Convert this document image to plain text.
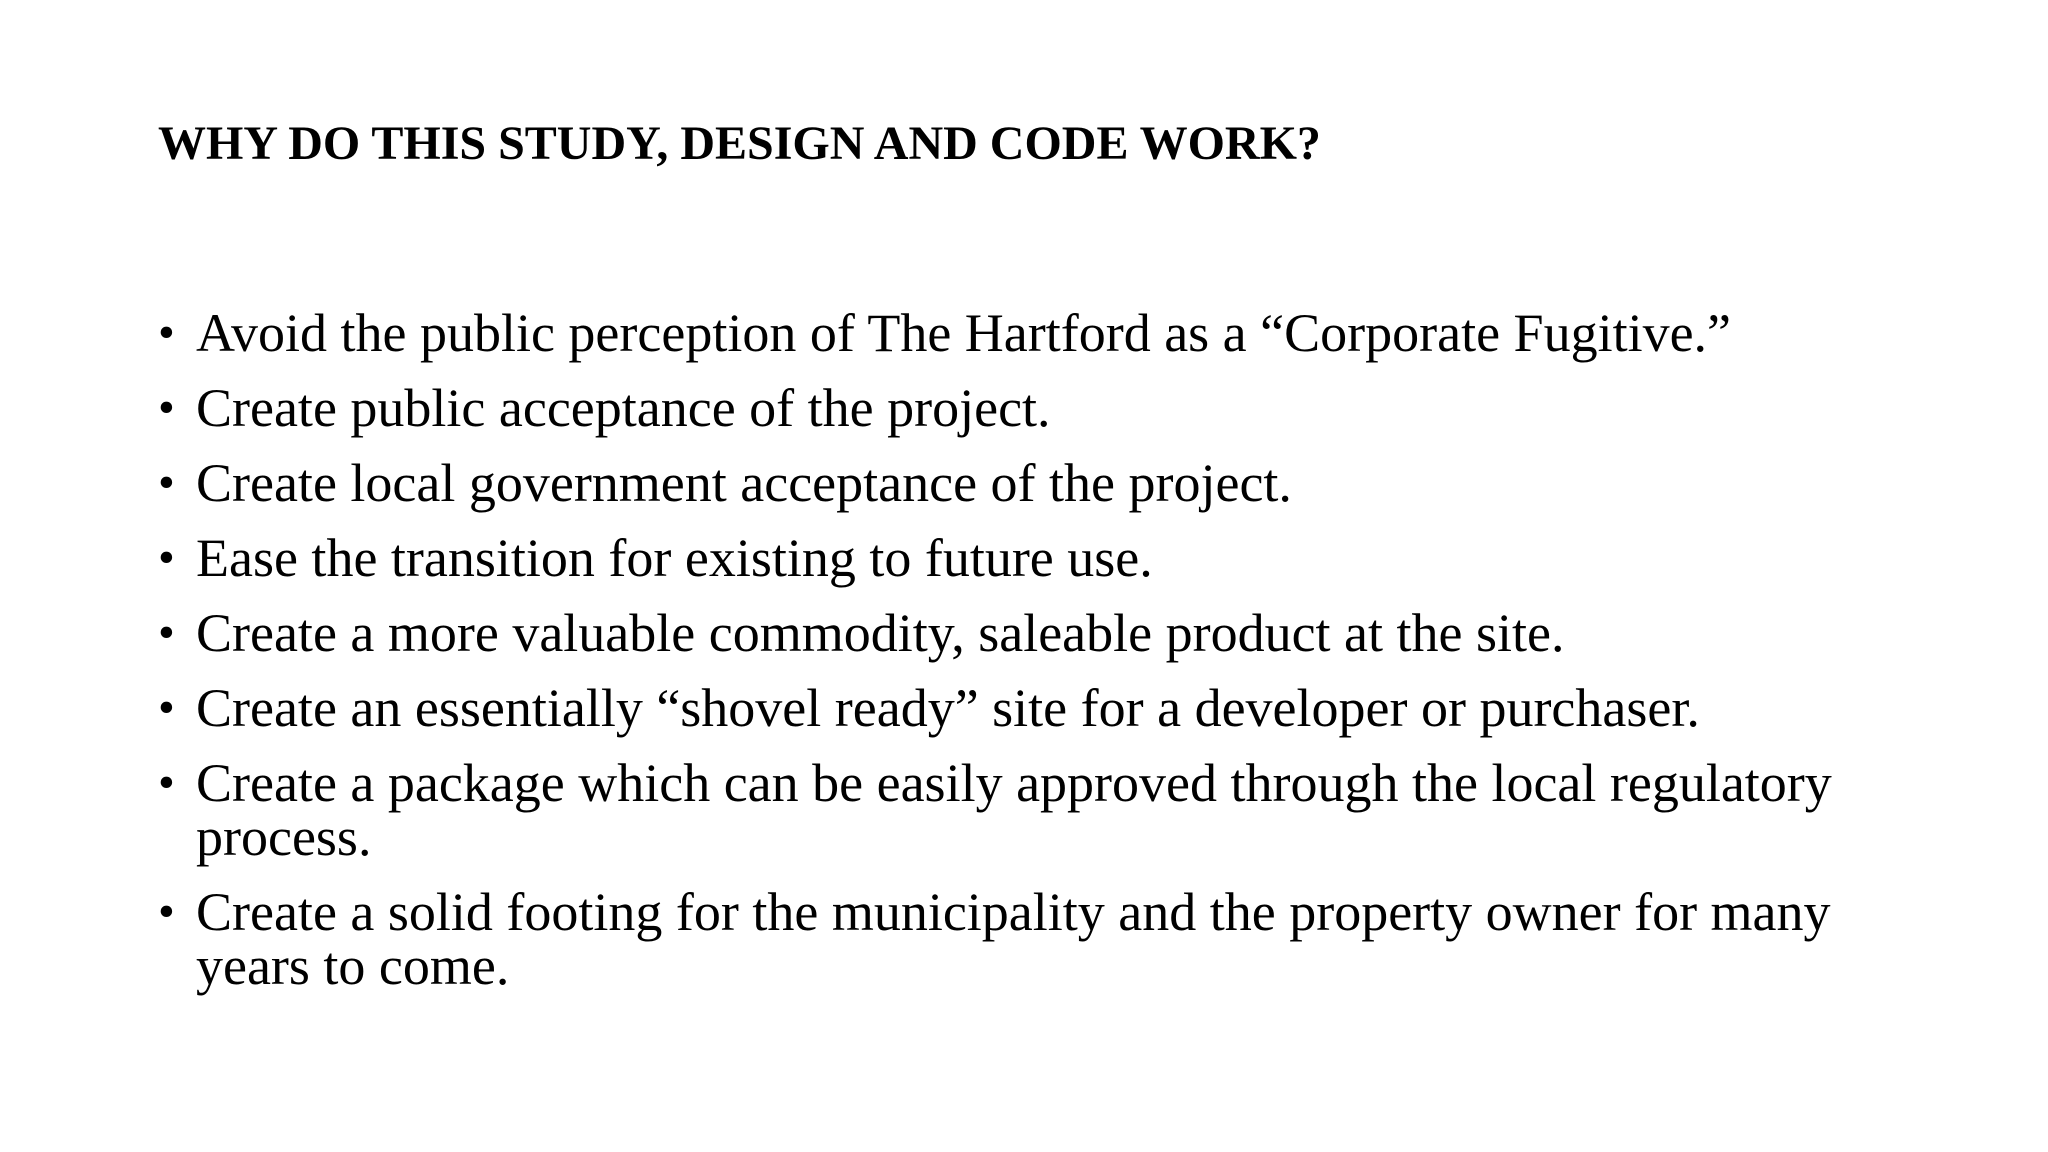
WHY DO THIS STUDY, DESIGN AND CODE WORK?
• Avoid the public perception of The Hartford as a “Corporate Fugitive.”
• Create public acceptance of the project.
• Create local government acceptance of the project.
• Ease the transition for existing to future use.
• Create a more valuable commodity, saleable product at the site.
• Create an essentially “shovel ready” site for a developer or purchaser.
• Create a package which can be easily approved through the local regulatory process.
• Create a solid footing for the municipality and the property owner for many years to come.
